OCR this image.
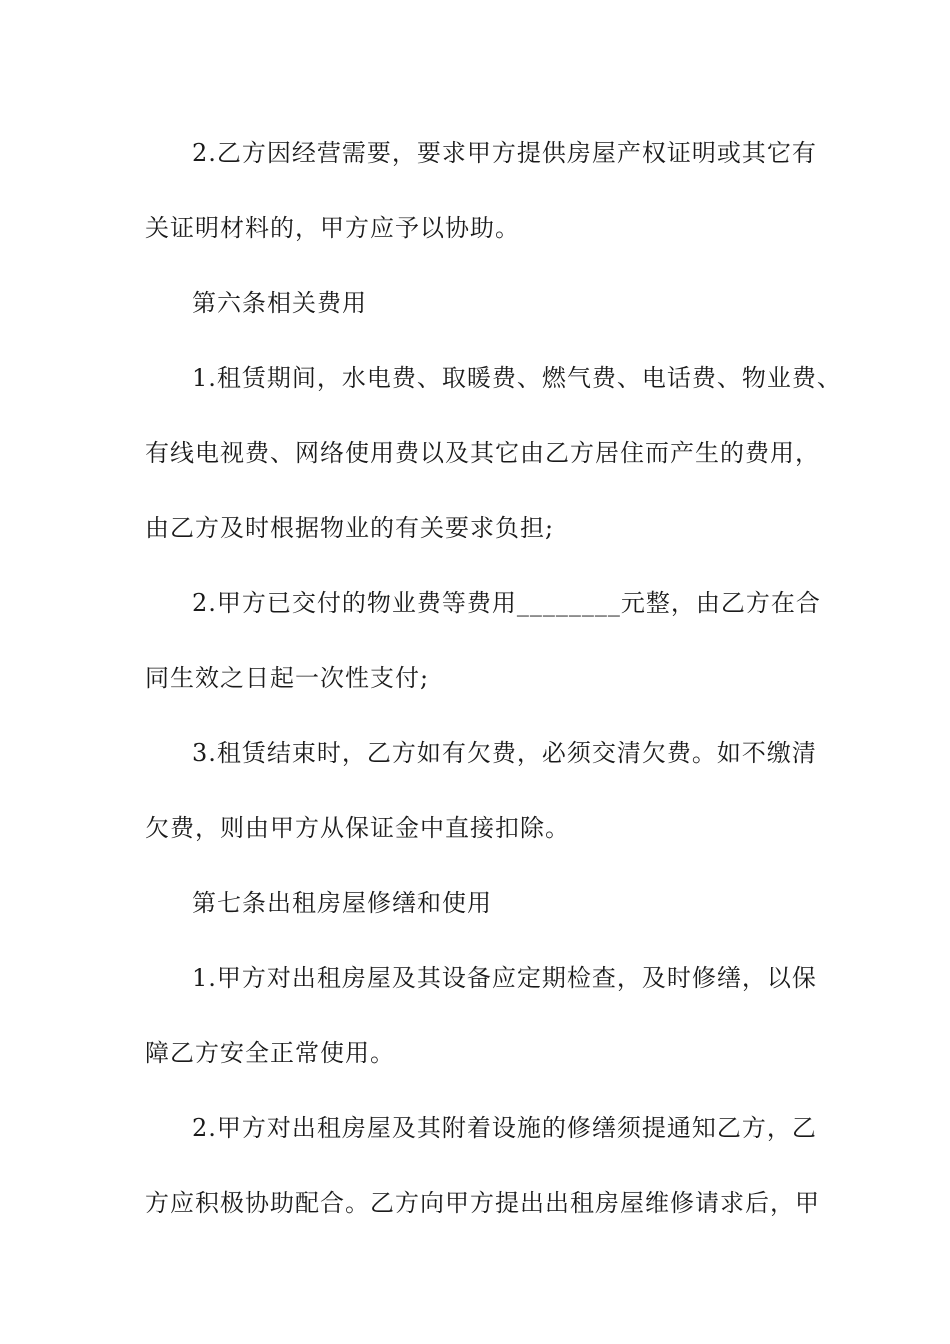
2.乙方因经营需要，要求甲方提供房屋产权证明或其它有
关证明材料的，甲方应予以协助。
第六条相关费用
1.租赁期间，水电费、取暖费、燃气费、电话费、物业费、
有线电视费、网络使用费以及其它由乙方居住而产生的费用，
由乙方及时根据物业的有关要求负担;
2.甲方已交付的物业费等费用________元整，由乙方在合
同生效之日起一次性支付;
3.租赁结束时，乙方如有欠费，必须交清欠费。如不缴清
欠费，则由甲方从保证金中直接扣除。
第七条出租房屋修缮和使用
1.甲方对出租房屋及其设备应定期检查，及时修缮，以保
障乙方安全正常使用。
2.甲方对出租房屋及其附着设施的修缮须提通知乙方，乙
方应积极协助配合。乙方向甲方提出出租房屋维修请求后，甲
